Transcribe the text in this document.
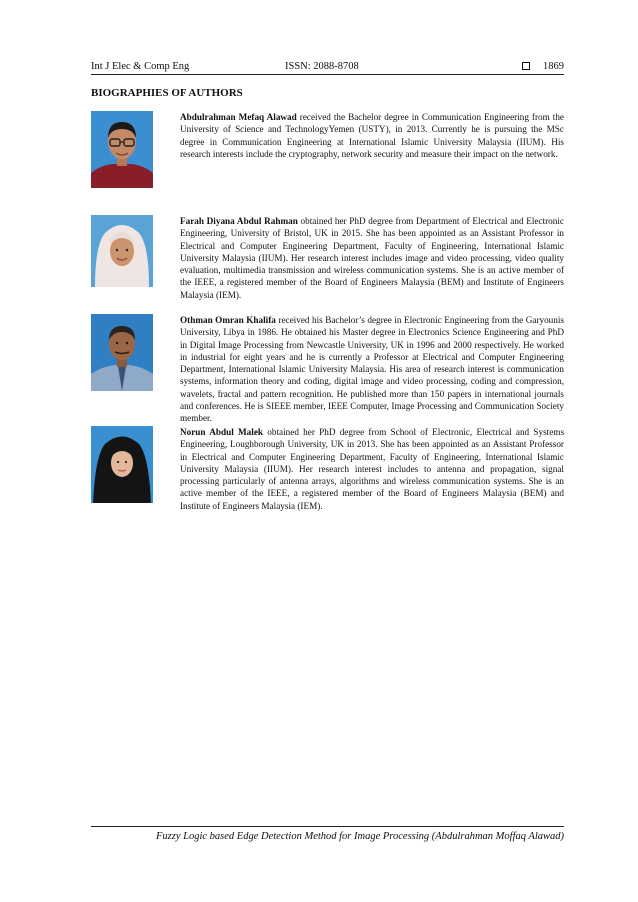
Int J Elec & Comp Eng	ISSN: 2088-8708	1869
BIOGRAPHIES OF AUTHORS
Abdulrahman Mefaq Alawad received the Bachelor degree in Communication Engineering from the University of Science and TechnologyYemen (USTY), in 2013. Currently he is pursuing the MSc degree in Communication Engineering at International Islamic University Malaysia (IIUM). His research interests include the cryptography, network security and measure their impact on the network.
Farah Diyana Abdul Rahman obtained her PhD degree from Department of Electrical and Electronic Engineering, University of Bristol, UK in 2015. She has been appointed as an Assistant Professor in Electrical and Computer Engineering Department, Faculty of Engineering, International Islamic University Malaysia (IIUM). Her research interest includes image and video processing, video quality evaluation, multimedia transmission and wireless communication systems. She is an active member of the IEEE, a registered member of the Board of Engineers Malaysia (BEM) and Institute of Engineers Malaysia (IEM).
Othman Omran Khalifa received his Bachelor’s degree in Electronic Engineering from the Garyounis University, Libya in 1986. He obtained his Master degree in Electronics Science Engineering and PhD in Digital Image Processing from Newcastle University, UK in 1996 and 2000 respectively. He worked in industrial for eight years and he is currently a Professor at Electrical and Computer Engineering Department, International Islamic University Malaysia. His area of research interest is communication systems, information theory and coding, digital image and video processing, coding and compression, wavelets, fractal and pattern recognition. He published more than 150 papers in international journals and conferences. He is SIEEE member, IEEE Computer, Image Processing and Communication Society member.
Norun Abdul Malek obtained her PhD degree from School of Electronic, Electrical and Systems Engineering, Loughborough University, UK in 2013. She has been appointed as an Assistant Professor in Electrical and Computer Engineering Department, Faculty of Engineering, International Islamic University Malaysia (IIUM). Her research interest includes to antenna and propagation, signal processing particularly of antenna arrays, algorithms and wireless communication systems. She is an active member of the IEEE, a registered member of the Board of Engineers Malaysia (BEM) and Institute of Engineers Malaysia (IEM).
Fuzzy Logic based Edge Detection Method for Image Processing (Abdulrahman Moffaq Alawad)
